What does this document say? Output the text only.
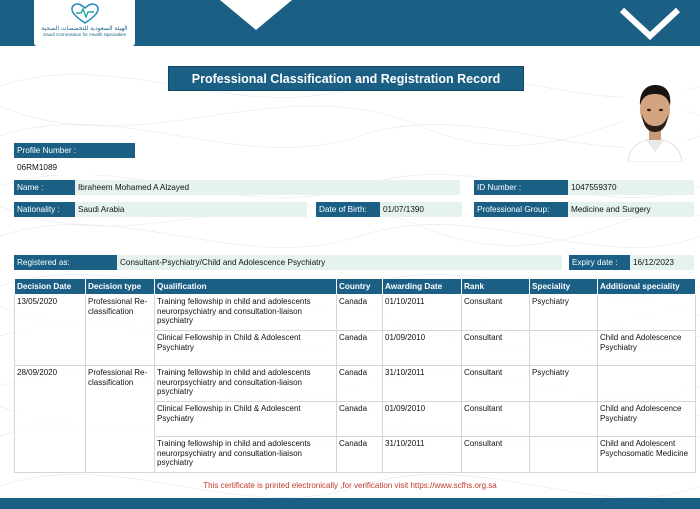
الهيئة السعودية للتخصصات الصحية
Saudi Commission for Health Specialties
Professional Classification and Registration Record
Profile Number :
06RM1089
Name :	Ibraheem Mohamed A Alzayed	ID Number :	1047559370
Nationality :	Saudi Arabia	Date of Birth:	01/07/1390	Professional Group:	Medicine and Surgery
Registered as:	Consultant-Psychiatry/Child and Adolescence Psychiatry	Expiry date :	16/12/2023
Decision Date	Decision type	Qualification	Country	Awarding Date	Rank	Speciality	Additional speciality
13/05/2020	Professional Re-classification	Training fellowship in child and adolescents neurorpsychiatry and consultation-liaison psychiatry	Canada	01/10/2011	Consultant	Psychiatry	
		Clinical Fellowship in Child & Adolescent Psychiatry	Canada	01/09/2010	Consultant		Child and Adolescence Psychiatry
28/09/2020	Professional Re-classification	Training fellowship in child and adolescents neurorpsychiatry and consultation-liaison psychiatry	Canada	31/10/2011	Consultant	Psychiatry	
		Clinical Fellowship in Child & Adolescent Psychiatry	Canada	01/09/2010	Consultant		Child and Adolescence Psychiatry
		Training fellowship in child and adolescents neurorpsychiatry and consultation-liaison psychiatry	Canada	31/10/2011	Consultant		Child and Adolescent Psychosomatic Medicine
This certificate is printed electronically ,for verification visit https://www.scfhs.org.sa
